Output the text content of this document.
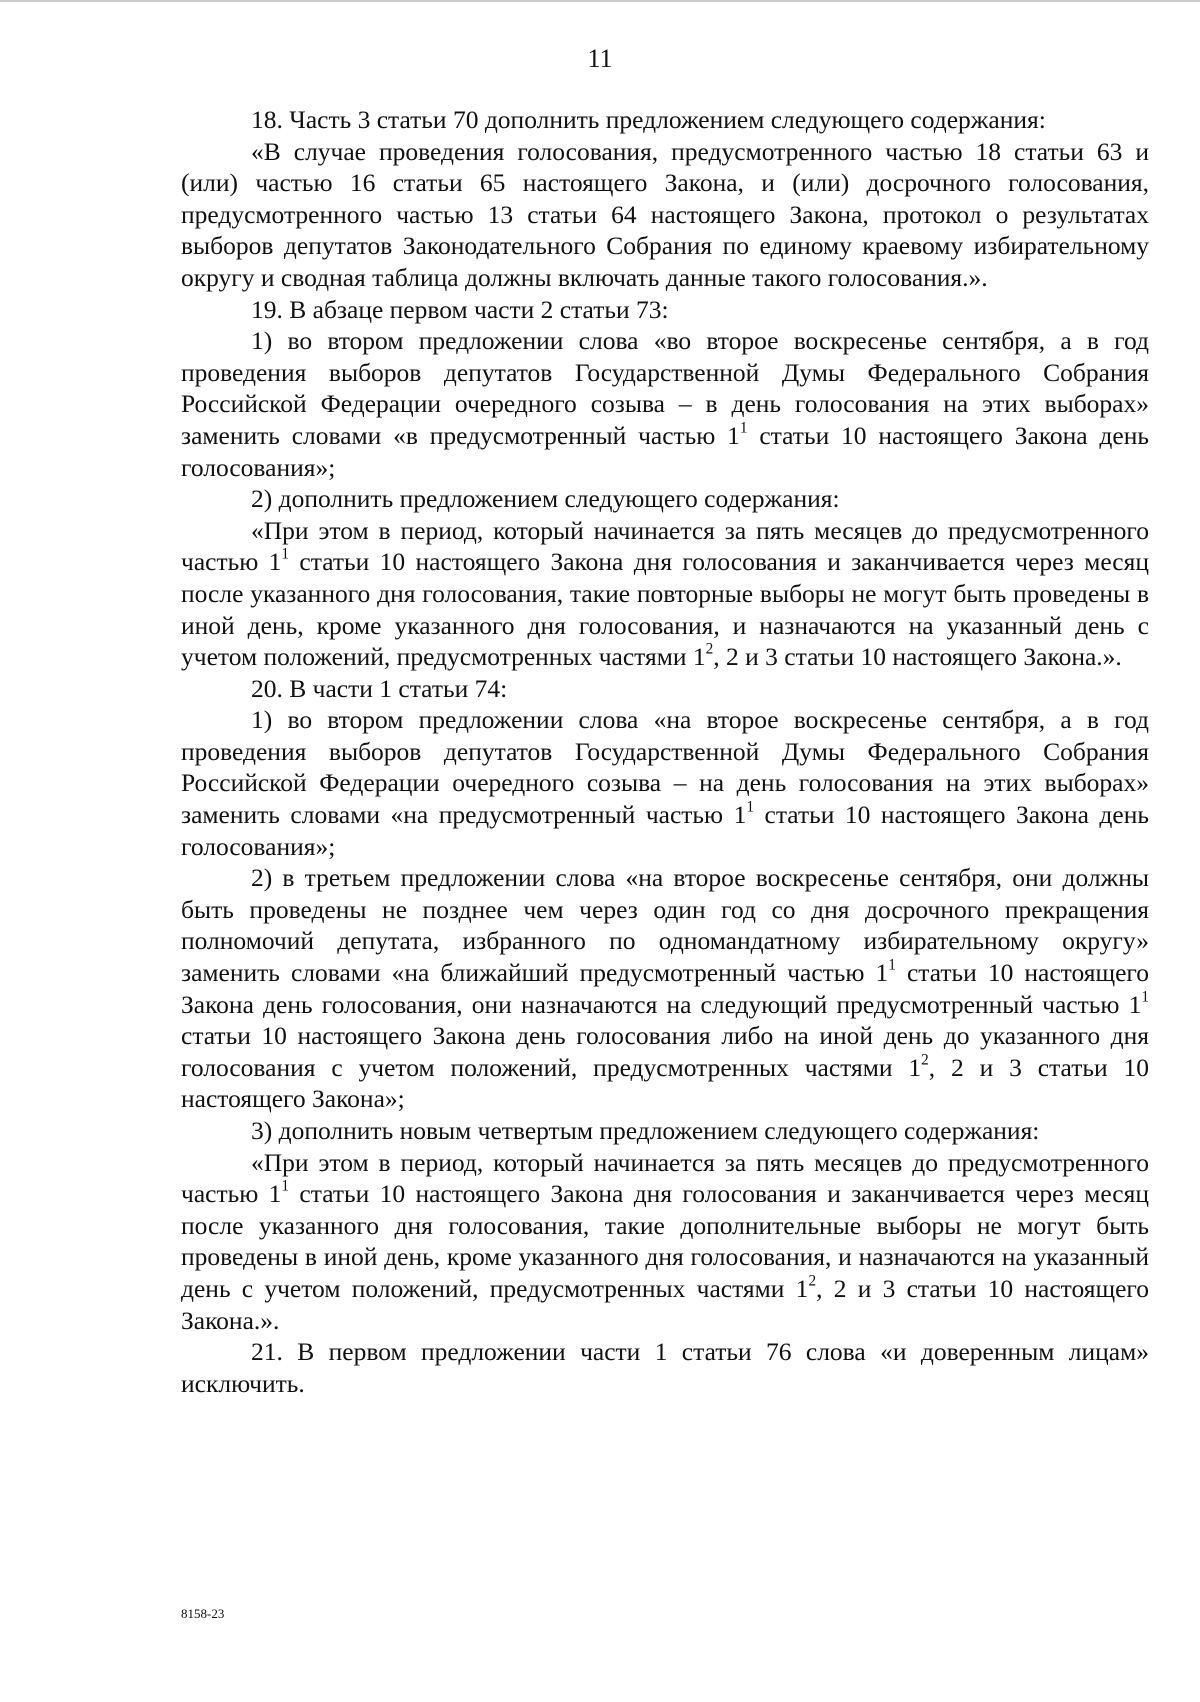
11

18. Часть 3 статьи 70 дополнить предложением следующего содержания:

«В случае проведения голосования, предусмотренного частью 18 статьи 63 и (или) частью 16 статьи 65 настоящего Закона, и (или) досрочного голосования, предусмотренного частью 13 статьи 64 настоящего Закона, протокол о результатах выборов депутатов Законодательного Собрания по единому краевому избирательному округу и сводная таблица должны включать данные такого голосования.».

19. В абзаце первом части 2 статьи 73:

1) во втором предложении слова «во второе воскресенье сентября, а в год проведения выборов депутатов Государственной Думы Федерального Собрания Российской Федерации очередного созыва – в день голосования на этих выборах» заменить словами «в предусмотренный частью $1^1$ статьи 10 настоящего Закона день голосования»;

2) дополнить предложением следующего содержания:

«При этом в период, который начинается за пять месяцев до предусмотренного частью $1^1$ статьи 10 настоящего Закона дня голосования и заканчивается через месяц после указанного дня голосования, такие повторные выборы не могут быть проведены в иной день, кроме указанного дня голосования, и назначаются на указанный день с учетом положений, предусмотренных частями $1^2$, 2 и 3 статьи 10 настоящего Закона.».

20. В части 1 статьи 74:

1) во втором предложении слова «на второе воскресенье сентября, а в год проведения выборов депутатов Государственной Думы Федерального Собрания Российской Федерации очередного созыва – на день голосования на этих выборах» заменить словами «на предусмотренный частью $1^1$ статьи 10 настоящего Закона день голосования»;

2) в третьем предложении слова «на второе воскресенье сентября, они должны быть проведены не позднее чем через один год со дня досрочного прекращения полномочий депутата, избранного по одномандатному избирательному округу» заменить словами «на ближайший предусмотренный частью $1^1$ статьи 10 настоящего Закона день голосования, они назначаются на следующий предусмотренный частью $1^1$ статьи 10 настоящего Закона день голосования либо на иной день до указанного дня голосования с учетом положений, предусмотренных частями $1^2$, 2 и 3 статьи 10 настоящего Закона»;

3) дополнить новым четвертым предложением следующего содержания:

«При этом в период, который начинается за пять месяцев до предусмотренного частью $1^1$ статьи 10 настоящего Закона дня голосования и заканчивается через месяц после указанного дня голосования, такие дополнительные выборы не могут быть проведены в иной день, кроме указанного дня голосования, и назначаются на указанный день с учетом положений, предусмотренных частями $1^2$, 2 и 3 статьи 10 настоящего Закона.».

21. В первом предложении части 1 статьи 76 слова «и доверенным лицам» исключить.

8158-23
